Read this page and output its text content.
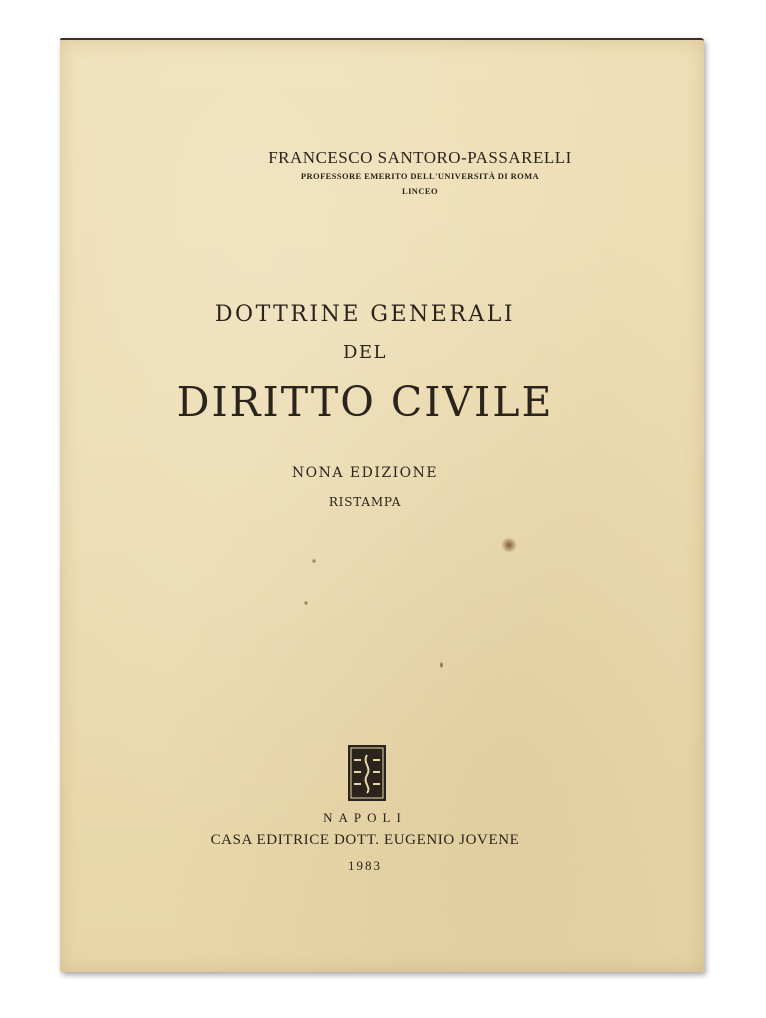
FRANCESCO SANTORO-PASSARELLI
PROFESSORE EMERITO DELL'UNIVERSITÀ DI ROMA
LINCEO
DOTTRINE GENERALI
DEL
DIRITTO CIVILE
NONA EDIZIONE
RISTAMPA
NAPOLI
CASA EDITRICE DOTT. EUGENIO JOVENE
1983
